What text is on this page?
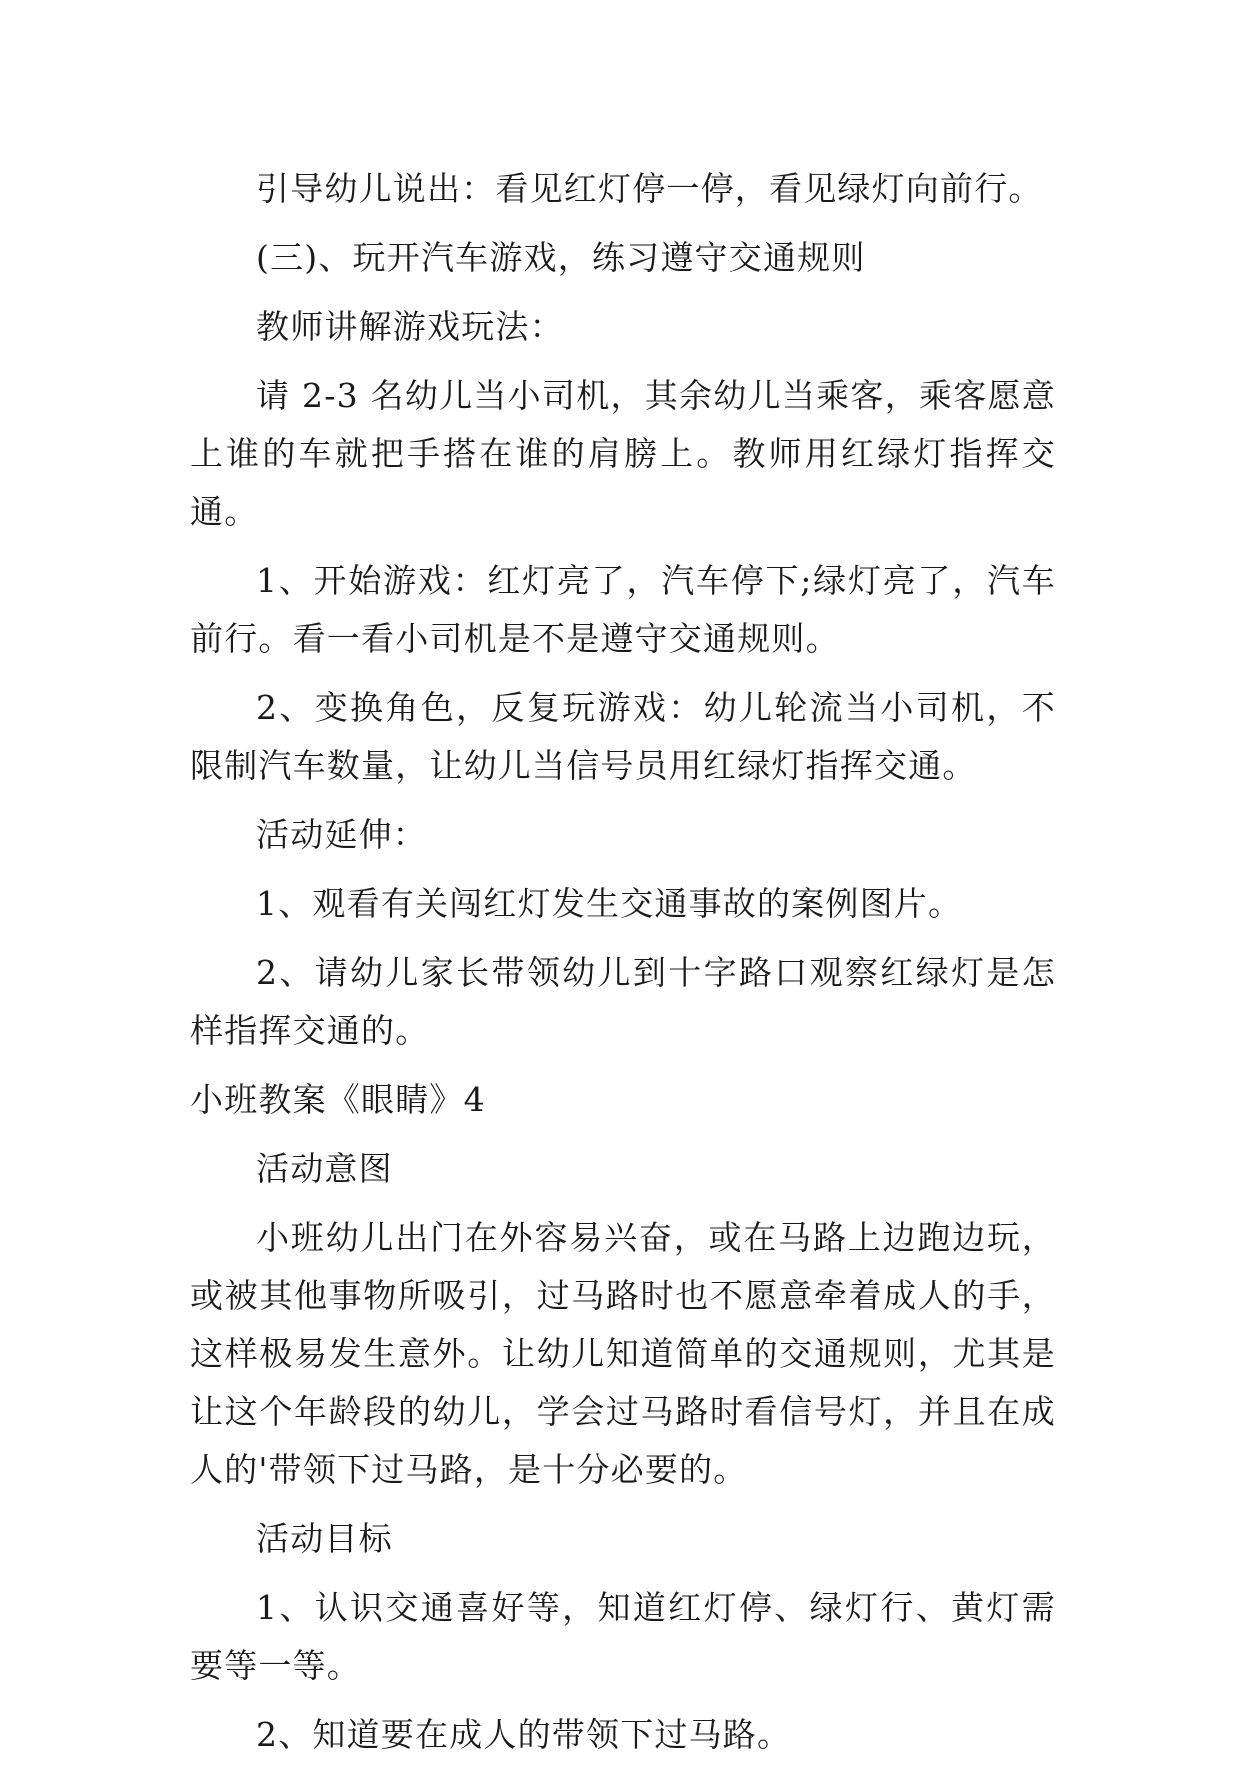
引导幼儿说出：看见红灯停一停，看见绿灯向前行。

(三)、玩开汽车游戏，练习遵守交通规则

教师讲解游戏玩法：

请 2-3 名幼儿当小司机，其余幼儿当乘客，乘客愿意上谁的车就把手搭在谁的肩膀上。教师用红绿灯指挥交通。

1、开始游戏：红灯亮了，汽车停下;绿灯亮了，汽车前行。看一看小司机是不是遵守交通规则。

2、变换角色，反复玩游戏：幼儿轮流当小司机，不限制汽车数量，让幼儿当信号员用红绿灯指挥交通。

活动延伸：

1、观看有关闯红灯发生交通事故的案例图片。

2、请幼儿家长带领幼儿到十字路口观察红绿灯是怎样指挥交通的。

小班教案《眼睛》4

活动意图

小班幼儿出门在外容易兴奋，或在马路上边跑边玩，或被其他事物所吸引，过马路时也不愿意牵着成人的手，这样极易发生意外。让幼儿知道简单的交通规则，尤其是让这个年龄段的幼儿，学会过马路时看信号灯，并且在成人的'带领下过马路，是十分必要的。

活动目标

1、认识交通喜好等，知道红灯停、绿灯行、黄灯需要等一等。

2、知道要在成人的带领下过马路。
